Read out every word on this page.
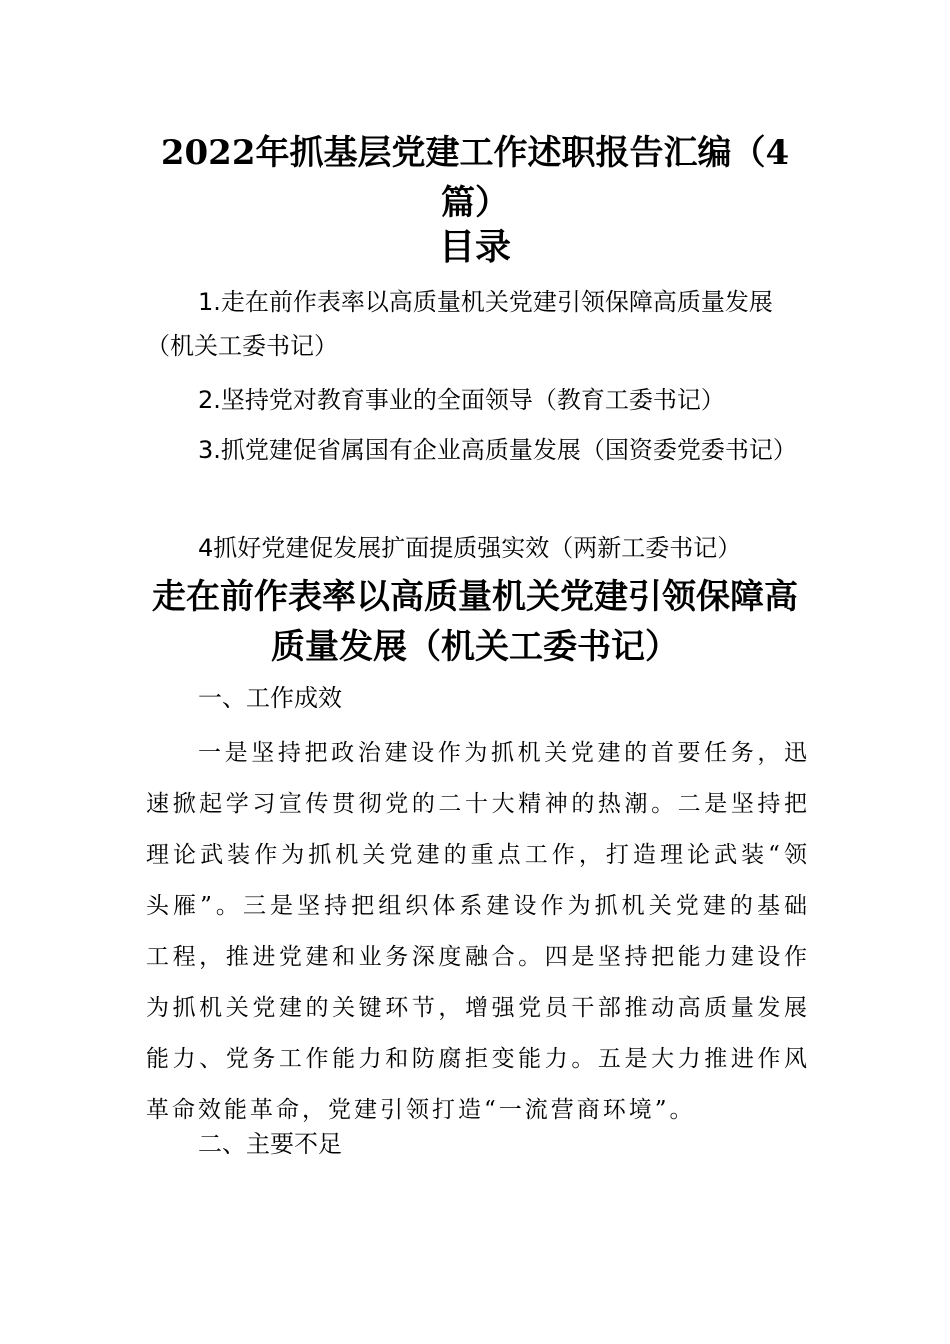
2022年抓基层党建工作述职报告汇编（4篇）
目录

1.走在前作表率以高质量机关党建引领保障高质量发展（机关工委书记）

2.坚持党对教育事业的全面领导（教育工委书记）

3.抓党建促省属国有企业高质量发展（国资委党委书记）

4抓好党建促发展扩面提质强实效（两新工委书记）

走在前作表率以高质量机关党建引领保障高质量发展（机关工委书记）

一、工作成效

一是坚持把政治建设作为抓机关党建的首要任务，迅速掀起学习宣传贯彻党的二十大精神的热潮。二是坚持把理论武装作为抓机关党建的重点工作，打造理论武装“领头雁”。三是坚持把组织体系建设作为抓机关党建的基础工程，推进党建和业务深度融合。四是坚持把能力建设作为抓机关党建的关键环节，增强党员干部推动高质量发展能力、党务工作能力和防腐拒变能力。五是大力推进作风革命效能革命，党建引领打造“一流营商环境”。

二、主要不足
